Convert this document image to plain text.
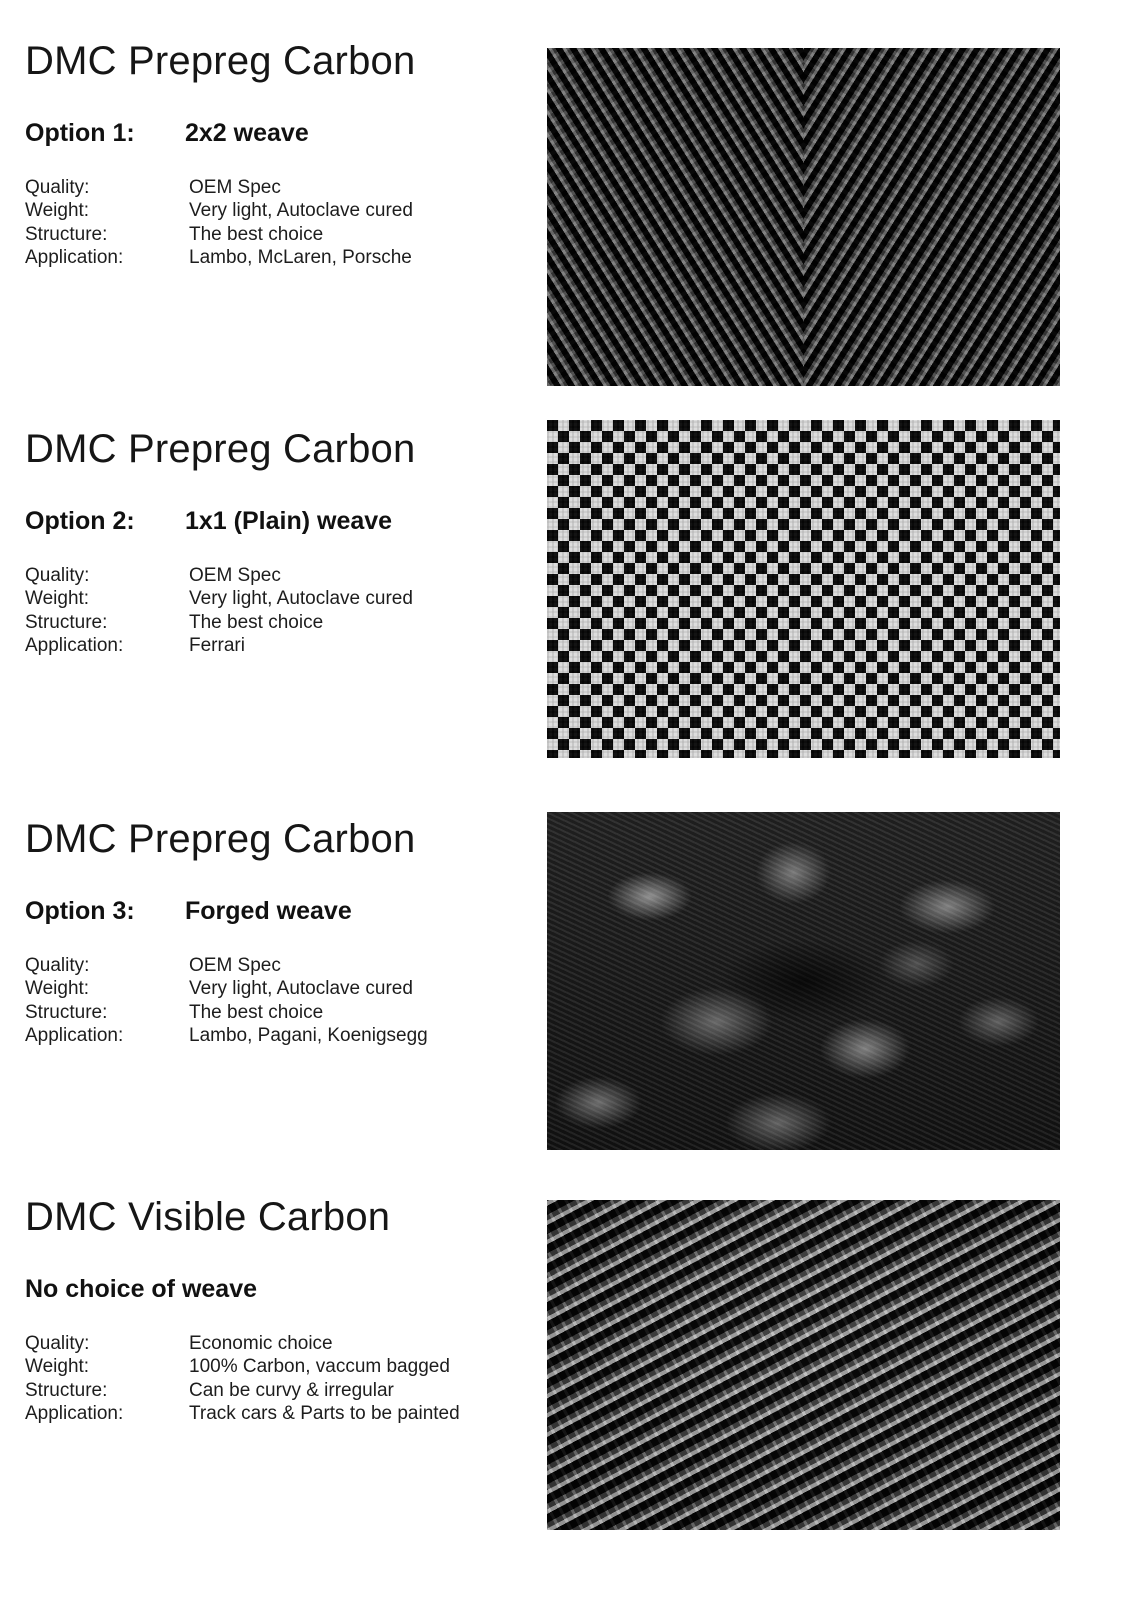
DMC Prepreg Carbon
Option 1: 2x2 weave
Quality:	OEM Spec
Weight:	Very light, Autoclave cured
Structure:	The best choice
Application:	Lambo, McLaren, Porsche
DMC Prepreg Carbon
Option 2: 1x1 (Plain) weave
Quality:	OEM Spec
Weight:	Very light, Autoclave cured
Structure:	The best choice
Application:	Ferrari
DMC Prepreg Carbon
Option 3: Forged weave
Quality:	OEM Spec
Weight:	Very light, Autoclave cured
Structure:	The best choice
Application:	Lambo, Pagani, Koenigsegg
DMC Visible Carbon
No choice of weave
Quality:	Economic choice
Weight:	100% Carbon, vaccum bagged
Structure:	Can be curvy & irregular
Application:	Track cars & Parts to be painted
